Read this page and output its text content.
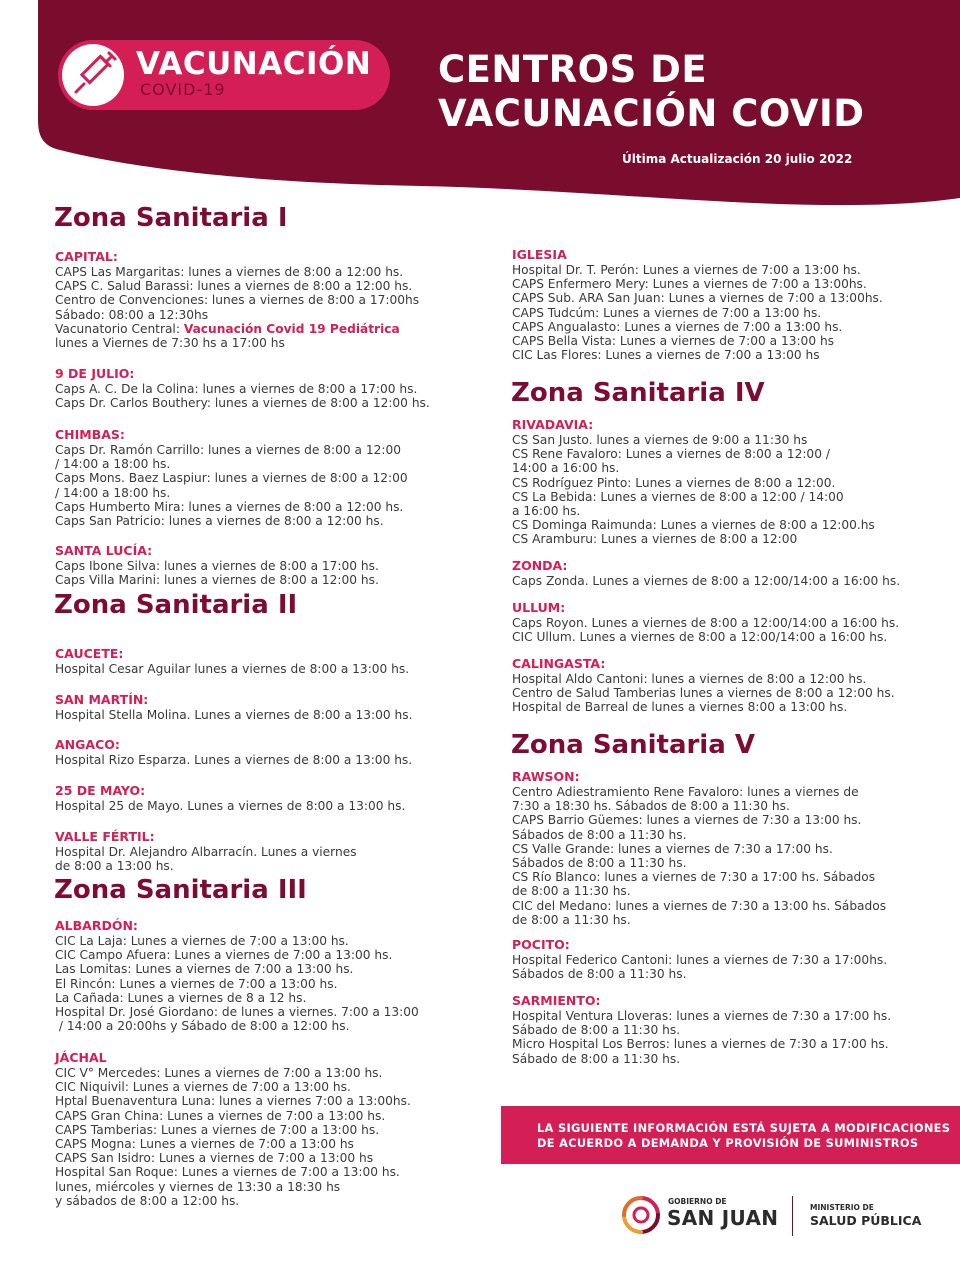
VACUNACIÓN
COVID-19	CENTROS DE
VACUNACIÓN COVID
Última Actualización 20 julio 2022
Zona Sanitaria I
CAPITAL:
CAPS Las Margaritas: lunes a viernes de 8:00 a 12:00 hs.
CAPS C. Salud Barassi: lunes a viernes de 8:00 a 12:00 hs.
Centro de Convenciones: lunes a viernes de 8:00 a 17:00hs
Sábado: 08:00 a 12:30hs
Vacunatorio Central: Vacunación Covid 19 Pediátrica
lunes a Viernes de 7:30 hs a 17:00 hs
9 DE JULIO:
Caps A. C. De la Colina: lunes a viernes de 8:00 a 17:00 hs.
Caps Dr. Carlos Bouthery: lunes a viernes de 8:00 a 12:00 hs.
CHIMBAS:
Caps Dr. Ramón Carrillo: lunes a viernes de 8:00 a 12:00
/ 14:00 a 18:00 hs.
Caps Mons. Baez Laspiur: lunes a viernes de 8:00 a 12:00
/ 14:00 a 18:00 hs.
Caps Humberto Mira: lunes a viernes de 8:00 a 12:00 hs.
Caps San Patricio: lunes a viernes de 8:00 a 12:00 hs.
SANTA LUCÍA:
Caps Ibone Silva: lunes a viernes de 8:00 a 17:00 hs.
Caps Villa Marini: lunes a viernes de 8:00 a 12:00 hs.
Zona Sanitaria II
CAUCETE:
Hospital Cesar Aguilar lunes a viernes de 8:00 a 13:00 hs.
SAN MARTÍN:
Hospital Stella Molina. Lunes a viernes de 8:00 a 13:00 hs.
ANGACO:
Hospital Rizo Esparza. Lunes a viernes de 8:00 a 13:00 hs.
25 DE MAYO:
Hospital 25 de Mayo. Lunes a viernes de 8:00 a 13:00 hs.
VALLE FÉRTIL:
Hospital Dr. Alejandro Albarracín. Lunes a viernes
de 8:00 a 13:00 hs.
Zona Sanitaria III
ALBARDÓN:
CIC La Laja: Lunes a viernes de 7:00 a 13:00 hs.
CIC Campo Afuera: Lunes a viernes de 7:00 a 13:00 hs.
Las Lomitas: Lunes a viernes de 7:00 a 13:00 hs.
El Rincón: Lunes a viernes de 7:00 a 13:00 hs.
La Cañada: Lunes a viernes de 8 a 12 hs.
Hospital Dr. José Giordano: de lunes a viernes. 7:00 a 13:00
/ 14:00 a 20:00hs y Sábado de 8:00 a 12:00 hs.
JÁCHAL
CIC V° Mercedes: Lunes a viernes de 7:00 a 13:00 hs.
CIC Niquivil: Lunes a viernes de 7:00 a 13:00 hs.
Hptal Buenaventura Luna: lunes a viernes 7:00 a 13:00hs.
CAPS Gran China: Lunes a viernes de 7:00 a 13:00 hs.
CAPS Tamberias: Lunes a viernes de 7:00 a 13:00 hs.
CAPS Mogna: Lunes a viernes de 7:00 a 13:00 hs
CAPS San Isidro: Lunes a viernes de 7:00 a 13:00 hs
Hospital San Roque: Lunes a viernes de 7:00 a 13:00 hs.
lunes, miércoles y viernes de 13:30 a 18:30 hs
y sábados de 8:00 a 12:00 hs.
IGLESIA
Hospital Dr. T. Perón: Lunes a viernes de 7:00 a 13:00 hs.
CAPS Enfermero Mery: Lunes a viernes de 7:00 a 13:00hs.
CAPS Sub. ARA San Juan: Lunes a viernes de 7:00 a 13:00hs.
CAPS Tudcúm: Lunes a viernes de 7:00 a 13:00 hs.
CAPS Angualasto: Lunes a viernes de 7:00 a 13:00 hs.
CAPS Bella Vista: Lunes a viernes de 7:00 a 13:00 hs
CIC Las Flores: Lunes a viernes de 7:00 a 13:00 hs
Zona Sanitaria IV
RIVADAVIA:
CS San Justo. lunes a viernes de 9:00 a 11:30 hs
CS Rene Favaloro: Lunes a viernes de 8:00 a 12:00 /
14:00 a 16:00 hs.
CS Rodríguez Pinto: Lunes a viernes de 8:00 a 12:00.
CS La Bebida: Lunes a viernes de 8:00 a 12:00 / 14:00
a 16:00 hs.
CS Dominga Raimunda: Lunes a viernes de 8:00 a 12:00.hs
CS Aramburu: Lunes a viernes de 8:00 a 12:00
ZONDA:
Caps Zonda. Lunes a viernes de 8:00 a 12:00/14:00 a 16:00 hs.
ULLUM:
Caps Royon. Lunes a viernes de 8:00 a 12:00/14:00 a 16:00 hs.
CIC Ullum. Lunes a viernes de 8:00 a 12:00/14:00 a 16:00 hs.
CALINGASTA:
Hospital Aldo Cantoni: lunes a viernes de 8:00 a 12:00 hs.
Centro de Salud Tamberias lunes a viernes de 8:00 a 12:00 hs.
Hospital de Barreal de lunes a viernes 8:00 a 13:00 hs.
Zona Sanitaria V
RAWSON:
Centro Adiestramiento Rene Favaloro: lunes a viernes de
7:30 a 18:30 hs. Sábados de 8:00 a 11:30 hs.
CAPS Barrio Güemes: lunes a viernes de 7:30 a 13:00 hs.
Sábados de 8:00 a 11:30 hs.
CS Valle Grande: lunes a viernes de 7:30 a 17:00 hs.
Sábados de 8:00 a 11:30 hs.
CS Río Blanco: lunes a viernes de 7:30 a 17:00 hs. Sábados
de 8:00 a 11:30 hs.
CIC del Medano: lunes a viernes de 7:30 a 13:00 hs. Sábados
de 8:00 a 11:30 hs.
POCITO:
Hospital Federico Cantoni: lunes a viernes de 7:30 a 17:00hs.
Sábados de 8:00 a 11:30 hs.
SARMIENTO:
Hospital Ventura Lloveras: lunes a viernes de 7:30 a 17:00 hs.
Sábado de 8:00 a 11:30 hs.
Micro Hospital Los Berros: lunes a viernes de 7:30 a 17:00 hs.
Sábado de 8:00 a 11:30 hs.
LA SIGUIENTE INFORMACIÓN ESTÁ SUJETA A MODIFICACIONES
DE ACUERDO A DEMANDA Y PROVISIÓN DE SUMINISTROS
GOBIERNO DE
SAN JUAN	MINISTERIO DE
SALUD PÚBLICA
